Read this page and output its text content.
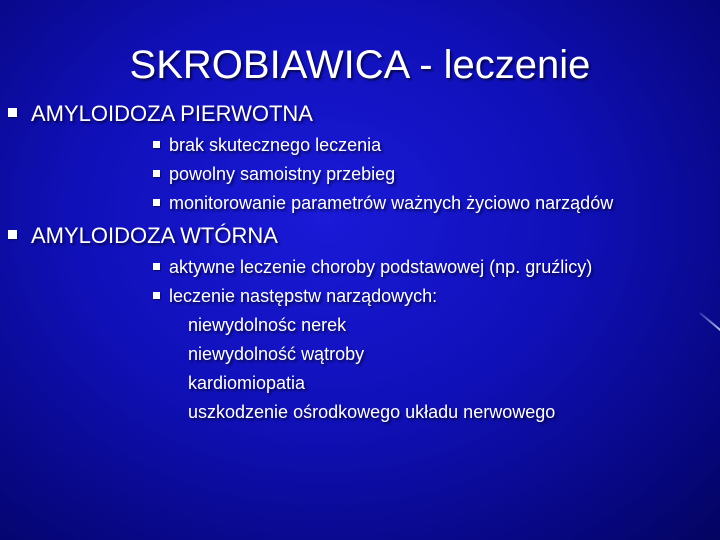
SKROBIAWICA - leczenie
AMYLOIDOZA PIERWOTNA
brak skutecznego leczenia
powolny samoistny przebieg
monitorowanie parametrów ważnych życiowo narządów
AMYLOIDOZA WTÓRNA
aktywne leczenie choroby podstawowej (np. gruźlicy)
leczenie następstw narządowych:
niewydolnośc nerek
niewydolność wątroby
kardiomiopatia
uszkodzenie ośrodkowego układu nerwowego
